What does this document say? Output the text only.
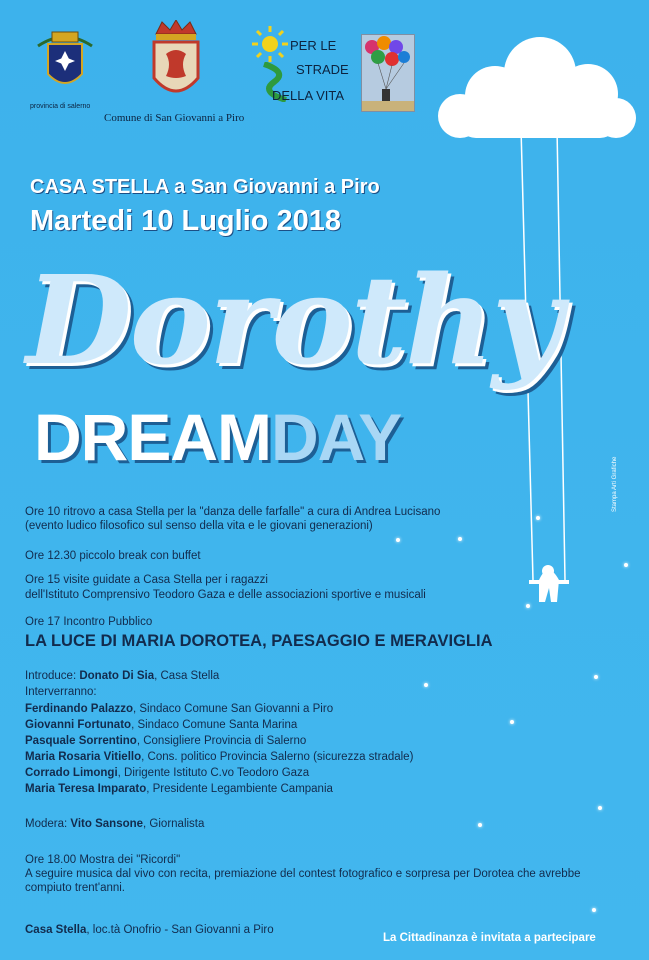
provincia di salerno
Comune di San Giovanni a Piro
PER LE
STRADE
DELLA VITA
CASA STELLA a San Giovanni a Piro
Martedi 10 Luglio 2018
Dorothy
DREAMDAY
Stampa Arti Grafiche
Ore 10 ritrovo a casa Stella per la "danza delle farfalle" a cura di Andrea Lucisano
(evento ludico filosofico sul senso della vita e le giovani generazioni)
Ore 12.30 piccolo break con buffet
Ore 15 visite guidate a Casa Stella per i ragazzi
dell'Istituto Comprensivo Teodoro Gaza e delle associazioni sportive e musicali
Ore 17 Incontro Pubblico
LA LUCE DI MARIA DOROTEA, PAESAGGIO E MERAVIGLIA
Introduce: Donato Di Sia, Casa Stella
Interverranno:
Ferdinando Palazzo, Sindaco Comune San Giovanni a Piro
Giovanni Fortunato, Sindaco Comune Santa Marina
Pasquale Sorrentino, Consigliere Provincia di Salerno
Maria Rosaria Vitiello, Cons. politico Provincia Salerno (sicurezza stradale)
Corrado Limongi, Dirigente Istituto C.vo Teodoro Gaza
Maria Teresa Imparato, Presidente Legambiente Campania
Modera: Vito Sansone, Giornalista
Ore 18.00 Mostra dei "Ricordi"
A seguire musica dal vivo con recita, premiazione del contest fotografico e sorpresa per Dorotea che avrebbe
compiuto trent'anni.
Casa Stella, loc.tà Onofrio - San Giovanni a Piro
La Cittadinanza è invitata a partecipare
